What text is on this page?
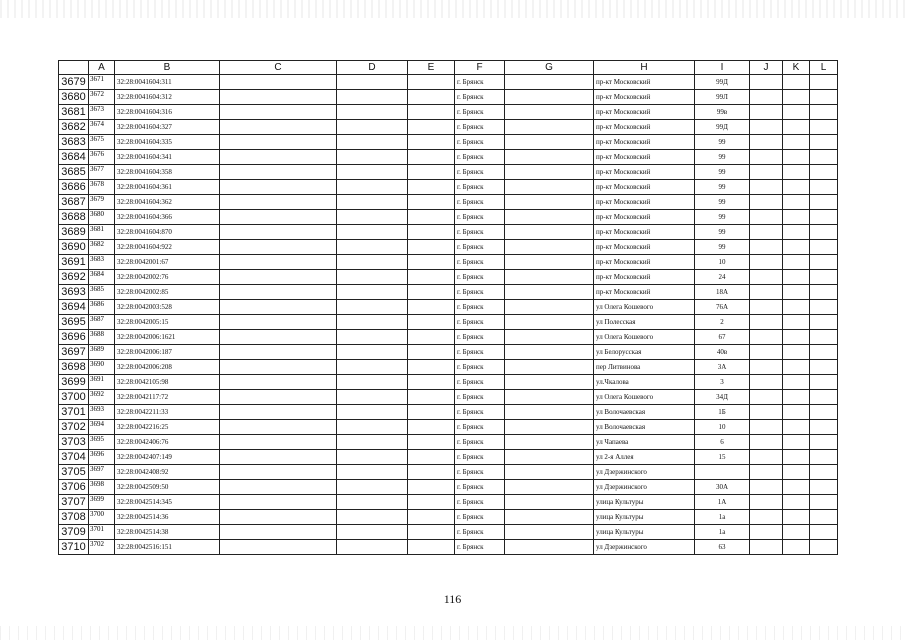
	A	B	C	D	E	F	G	H	I	J	K	L
3679	3671	32:28:0041604:311				г. Брянск		пр-кт Московский	99Д			
3680	3672	32:28:0041604:312				г. Брянск		пр-кт Московский	99Л			
3681	3673	32:28:0041604:316				г. Брянск		пр-кт Московский	99в			
3682	3674	32:28:0041604:327				г. Брянск		пр-кт Московский	99Д			
3683	3675	32:28:0041604:335				г. Брянск		пр-кт Московский	99			
3684	3676	32:28:0041604:341				г. Брянск		пр-кт Московский	99			
3685	3677	32:28:0041604:358				г. Брянск		пр-кт Московский	99			
3686	3678	32:28:0041604:361				г. Брянск		пр-кт Московский	99			
3687	3679	32:28:0041604:362				г. Брянск		пр-кт Московский	99			
3688	3680	32:28:0041604:366				г. Брянск		пр-кт Московский	99			
3689	3681	32:28:0041604:870				г. Брянск		пр-кт Московский	99			
3690	3682	32:28:0041604:922				г. Брянск		пр-кт Московский	99			
3691	3683	32:28:0042001:67				г. Брянск		пр-кт Московский	10			
3692	3684	32:28:0042002:76				г. Брянск		пр-кт Московский	24			
3693	3685	32:28:0042002:85				г. Брянск		пр-кт Московский	18А			
3694	3686	32:28:0042003:528				г. Брянск		ул Олега Кошевого	76А			
3695	3687	32:28:0042005:15				г. Брянск		ул Полесская	2			
3696	3688	32:28:0042006:1621				г. Брянск		ул Олега Кошевого	67			
3697	3689	32:28:0042006:187				г. Брянск		ул Белорусская	40в			
3698	3690	32:28:0042006:208				г. Брянск		пер Литвинова	3А			
3699	3691	32:28:0042105:98				г. Брянск		ул.Чкалова	3			
3700	3692	32:28:0042117:72				г. Брянск		ул Олега Кошевого	34Д			
3701	3693	32:28:0042211:33				г. Брянск		ул Волочаевская	1Б			
3702	3694	32:28:0042216:25				г. Брянск		ул Волочаевская	10			
3703	3695	32:28:0042406:76				г. Брянск		ул Чапаева	6			
3704	3696	32:28:0042407:149				г. Брянск		ул 2-я Аллея	15			
3705	3697	32:28:0042408:92				г. Брянск		ул Дзержинского				
3706	3698	32:28:0042509:50				г. Брянск		ул Дзержинского	30А			
3707	3699	32:28:0042514:345				г. Брянск		улица Культуры	1А			
3708	3700	32:28:0042514:36				г. Брянск		улица Культуры	1а			
3709	3701	32:28:0042514:38				г. Брянск		улица Культуры	1а			
3710	3702	32:28:0042516:151				г. Брянск		ул Дзержинского	63			
116
